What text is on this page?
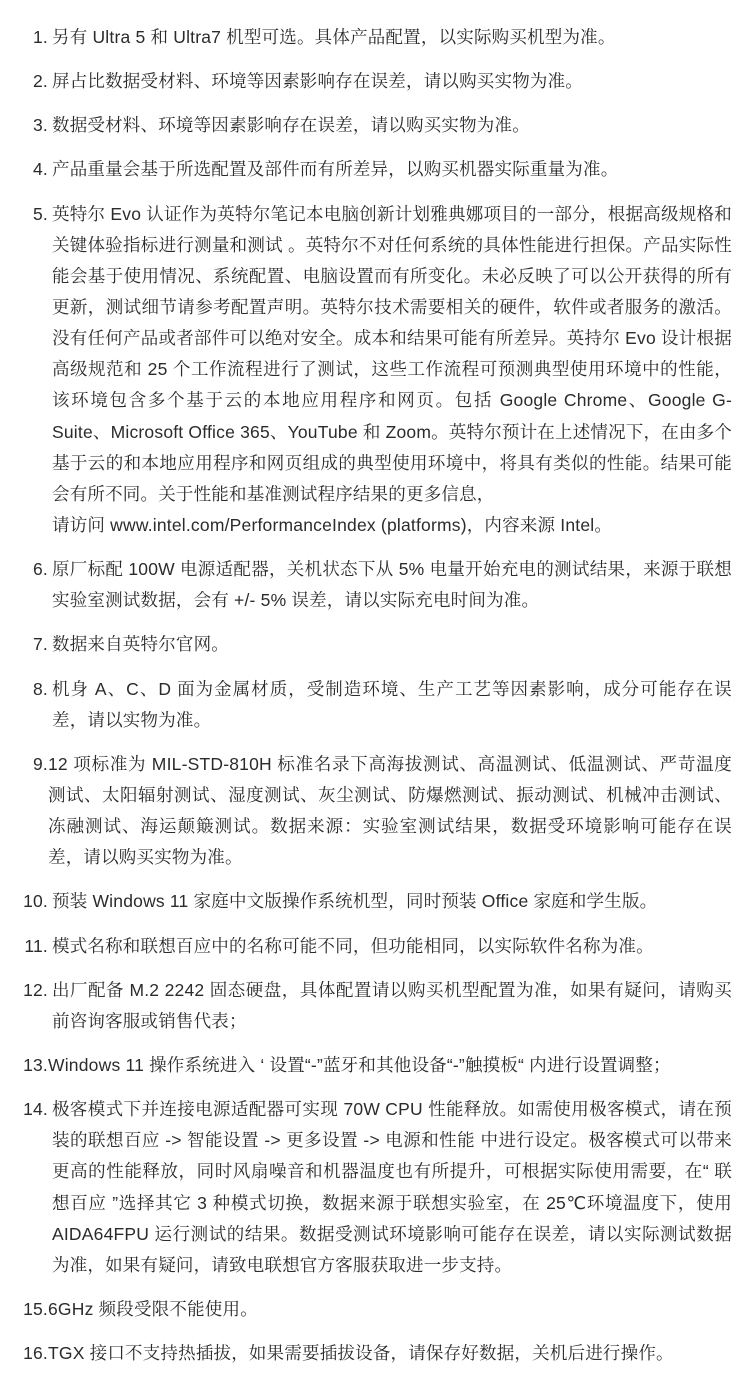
1. 另有 Ultra 5 和 Ultra7 机型可选。具体产品配置，以实际购买机型为准。
2. 屏占比数据受材料、环境等因素影响存在误差，请以购买实物为准。
3. 数据受材料、环境等因素影响存在误差，请以购买实物为准。
4. 产品重量会基于所选配置及部件而有所差异，以购买机器实际重量为准。
5. 英特尔 Evo 认证作为英特尔笔记本电脑创新计划雅典娜项目的一部分，根据高级规格和关键体验指标进行测量和测试 。英特尔不对任何系统的具体性能进行担保。产品实际性能会基于使用情况、系统配置、电脑设置而有所变化。未必反映了可以公开获得的所有更新，测试细节请参考配置声明。英特尔技术需要相关的硬件，软件或者服务的激活。没有任何产品或者部件可以绝对安全。成本和结果可能有所差异。英持尔 Evo 设计根据高级规范和 25 个工作流程进行了测试，这些工作流程可预测典型使用环境中的性能，该环境包含多个基于云的本地应用程序和网页。包括 Google Chrome、Google G-Suite、Microsoft Office 365、YouTube 和 Zoom。英特尔预计在上述情况下，在由多个基于云的和本地应用程序和网页组成的典型使用环境中，将具有类似的性能。结果可能会有所不同。关于性能和基准测试程序结果的更多信息，
请访问 www.intel.com/PerformanceIndex (platforms)，内容来源 Intel。
6. 原厂标配 100W 电源适配器，关机状态下从 5% 电量开始充电的测试结果，来源于联想实验室测试数据，会有 +/- 5% 误差，请以实际充电时间为准。
7. 数据来自英特尔官网。
8. 机身 A、C、D 面为金属材质，受制造环境、生产工艺等因素影响，成分可能存在误差，请以实物为准。
9. 12 项标准为 MIL-STD-810H 标准名录下高海拔测试、高温测试、低温测试、严苛温度测试、太阳辐射测试、湿度测试、灰尘测试、防爆燃测试、振动测试、机械冲击测试、冻融测试、海运颠簸测试。数据来源：实验室测试结果，数据受环境影响可能存在误差，请以购买实物为准。
10. 预装 Windows 11 家庭中文版操作系统机型，同时预装 Office 家庭和学生版。
11. 模式名称和联想百应中的名称可能不同，但功能相同，以实际软件名称为准。
12. 出厂配备 M.2 2242 固态硬盘，具体配置请以购买机型配置为准，如果有疑问，请购买前咨询客服或销售代表；
13. Windows 11 操作系统进入 ‘ 设置“-”蓝牙和其他设备“-”触摸板“ 内进行设置调整；
14. 极客模式下并连接电源适配器可实现 70W CPU 性能释放。如需使用极客模式，请在预装的联想百应 -> 智能设置 -> 更多设置 -> 电源和性能 中进行设定。极客模式可以带来更高的性能释放，同时风扇噪音和机器温度也有所提升，可根据实际使用需要，在“ 联想百应 ”选择其它 3 种模式切换，数据来源于联想实验室，在 25℃环境温度下，使用 AIDA64FPU 运行测试的结果。数据受测试环境影响可能存在误差，请以实际测试数据为准，如果有疑问，请致电联想官方客服获取进一步支持。
15. 6GHz 频段受限不能使用。
16. TGX 接口不支持热插拔，如果需要插拔设备，请保存好数据，关机后进行操作。
